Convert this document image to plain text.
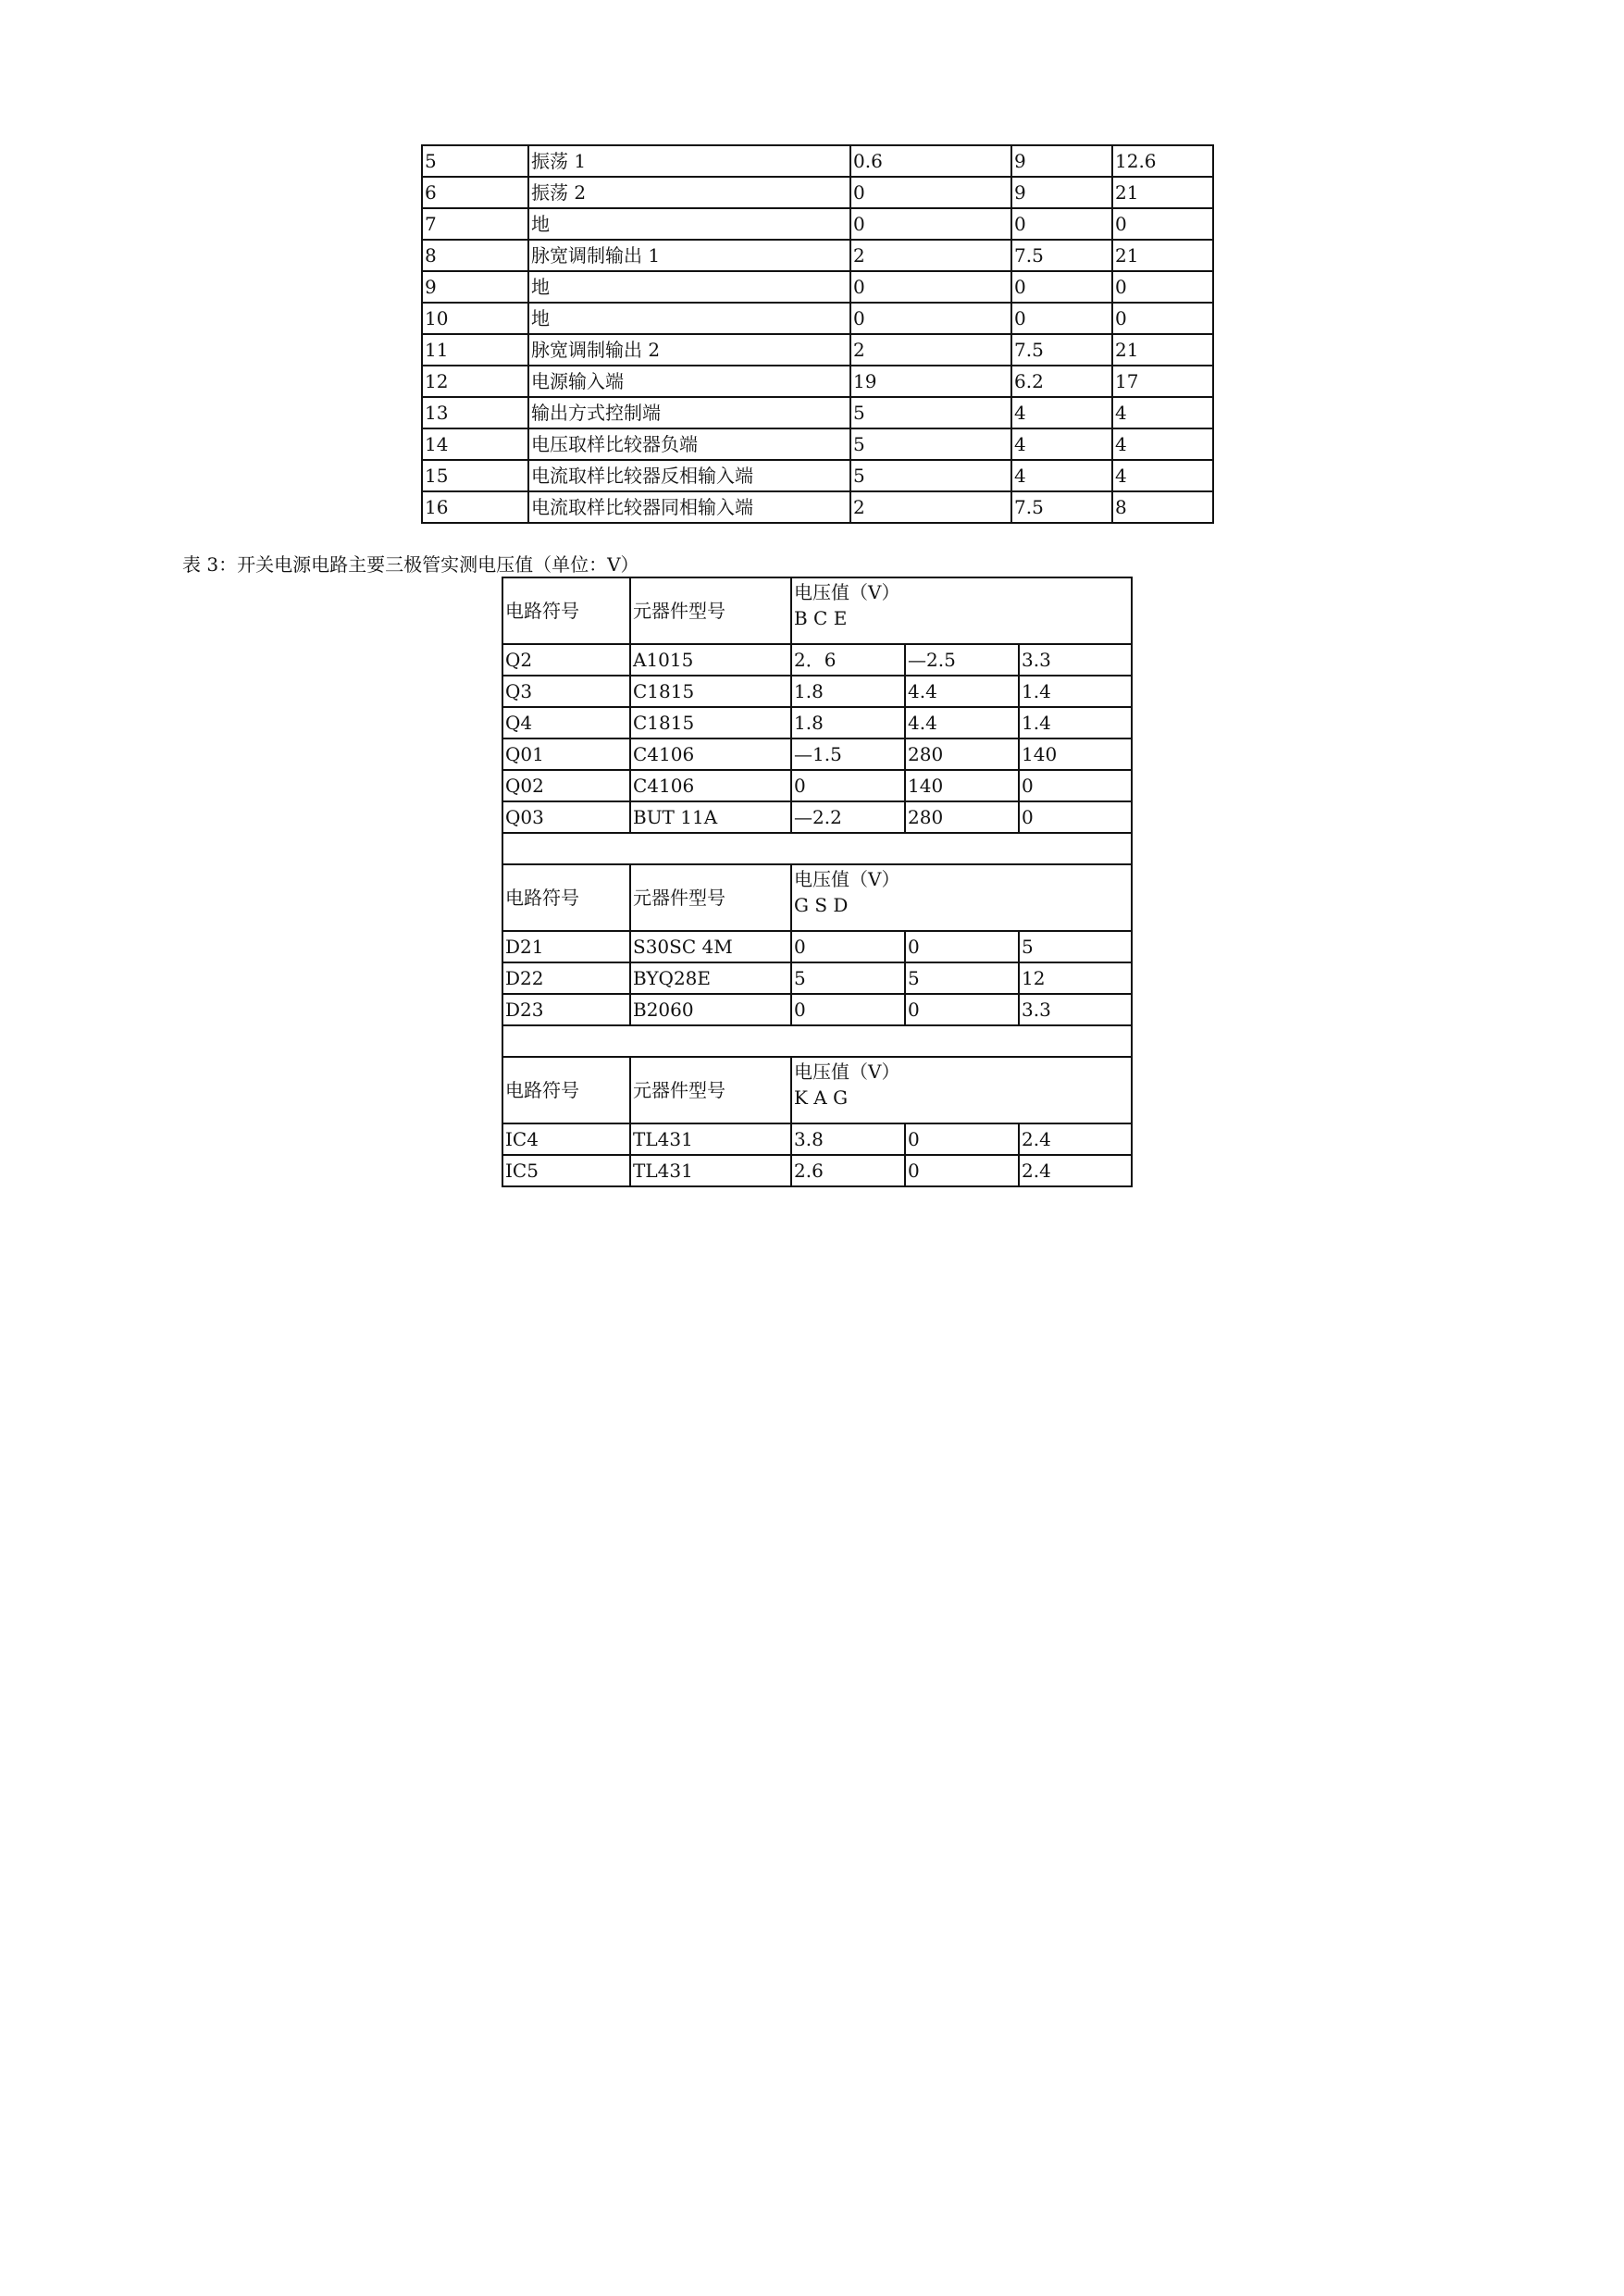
5	振荡 1	0.6	9	12.6
6	振荡 2	0	9	21
7	地	0	0	0
8	脉宽调制输出 1	2	7.5	21
9	地	0	0	0
10	地	0	0	0
11	脉宽调制输出 2	2	7.5	21
12	电源输入端	19	6.2	17
13	输出方式控制端	5	4	4
14	电压取样比较器负端	5	4	4
15	电流取样比较器反相输入端	5	4	4
16	电流取样比较器同相输入端	2	7.5	8
表 3：开关电源电路主要三极管实测电压值（单位：V）
电路符号	元器件型号	电压值（V）
B C E		

Q2	A1015	2．6	—2.5	3.3
Q3	C1815	1.8	4.4	1.4
Q4	C1815	1.8	4.4	1.4
Q01	C4106	—1.5	280	140
Q02	C4106	0	140	0
Q03	BUT 11A	—2.2	280	0

电路符号	元器件型号	电压值（V）
G S D		

D21	S30SC 4M	0	0	5
D22	BYQ28E	5	5	12
D23	B2060	0	0	3.3

电路符号	元器件型号	电压值（V）
K A G		

IC4	TL431	3.8	0	2.4
IC5	TL431	2.6	0	2.4
